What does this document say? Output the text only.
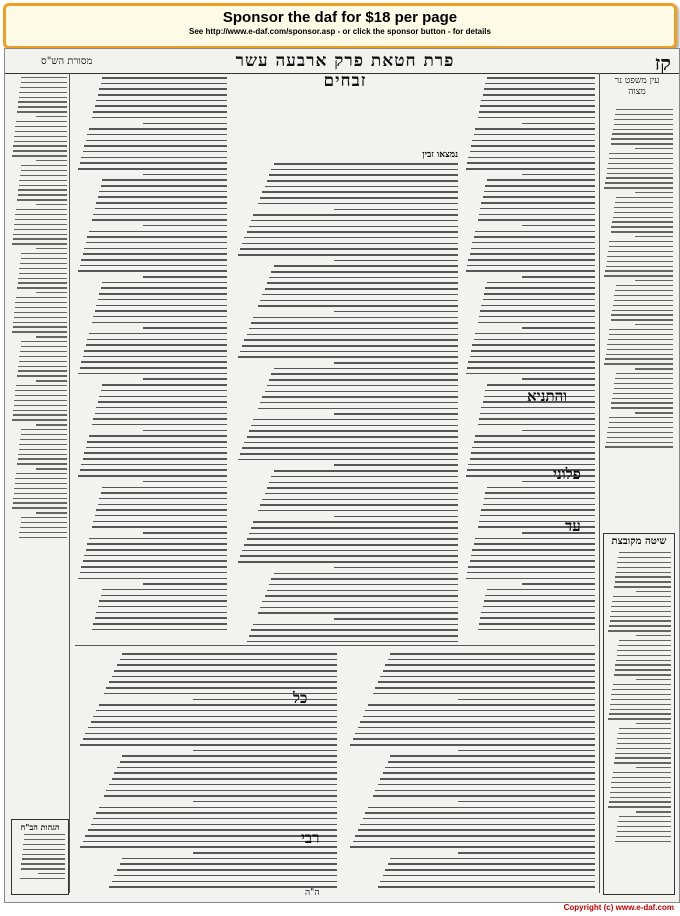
Sponsor the daf for $18 per page
See http://www.e-daf.com/sponsor.asp - or click the sponsor button - for details
קז
פרת חטאת פרק ארבעה עשר זבחים
מסורת הש"ס
עין משפט נר מצוה
שיטה מקובצת
והתניא
פלוני
עד
נמצאו זבין
כל
רבי
הגהות הב"ח
ה"ה
Copyright (c) www.e-daf.com
